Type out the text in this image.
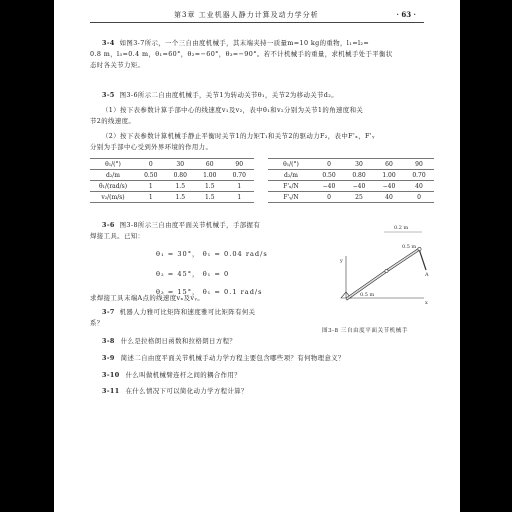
第3章 工业机器人静力计算及动力学分析	· 63 ·
3-4 如图3-7所示，一个三自由度机械手，其末端夹持一质量m=10 kg的重物，l₁=l₂=
0.8 m，l₃=0.4 m，θ₁=60°，θ₂=−60°，θ₃=−90°。若不计机械手的重量，求机械手处于平衡状
态时各关节力矩。
3-5 图3-6所示二自由度机械手，关节1为转动关节θ₁，关节2为移动关节d₂。
（1）按下表参数计算手部中心的线速度v₁及v₂，表中θ̇₁和v₂分别为关节1的角速度和关
节2的线速度。
（2）按下表参数计算机械手静止平衡时关节1的力矩T₁和关节2的驱动力F₂，表中F'ₓ，F'ᵧ
分别为手部中心受到外界环境的作用力。
θ₁/(°)	0	30	60	90
d₂/m	0.50	0.80	1.00	0.70
θ̇₁/(rad/s)	1	1.5	1.5	1
v₂/(m/s)	1	1.5	1.5	1
θ₁/(°)	0	30	60	90
d₂/m	0.50	0.80	1.00	0.70
F'ₓ/N	−40	−40	−40	40
F'ᵧ/N	0	25	40	0
3-6 图3-8所示三自由度平面关节机械手，手部握有
焊接工具。已知：
θ₁ = 30°， θ̇₁ = 0.04 rad/s
θ₂ = 45°， θ̇₁ = 0
θ₃ = 15°， θ̇₁ = 0.1 rad/s
求焊接工具末端A点的线速度vₓ及vᵧ。
3-7 机器人力雅可比矩阵和速度雅可比矩阵有何关
系？
0.2 m
0.5 m
0.5 m
A
y
x
图3-8 三自由度平面关节机械手
3-8 什么是拉格朗日函数和拉格朗日方程？
3-9 简述二自由度平面关节机械手动力学方程主要包含哪些项？有何物理意义？
3-10 什么叫做机械臂连杆之间的耦合作用？
3-11 在什么情况下可以简化动力学方程计算？
